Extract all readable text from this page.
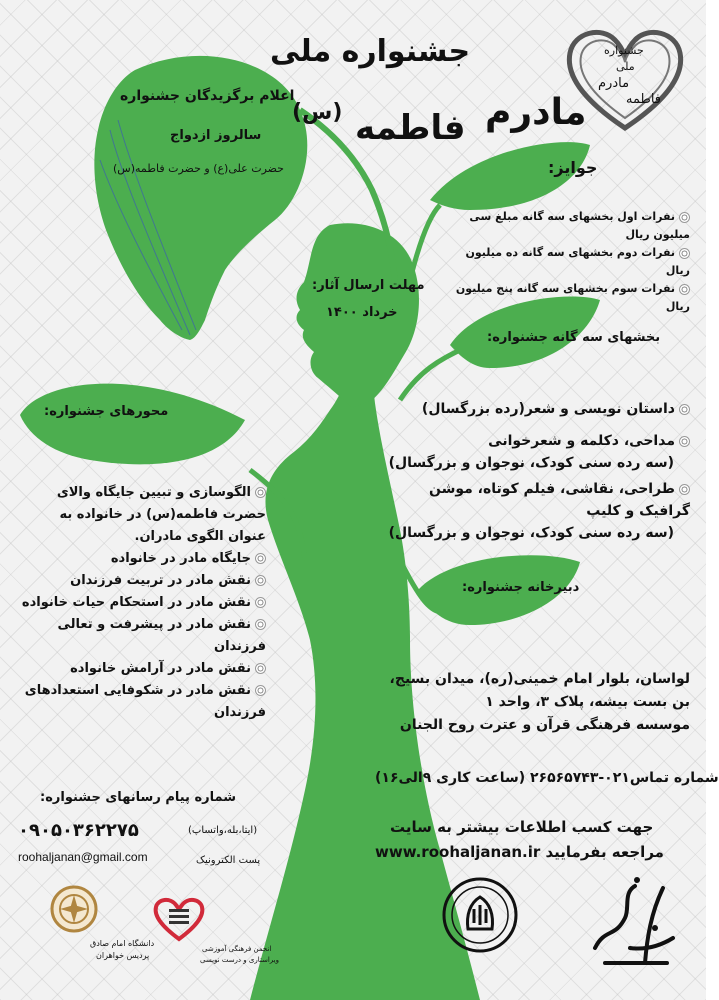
جشنواره ملی
مادرم
فاطمه
(س)
جشنواره
ملی
مادرم
فاطمه
اعلام برگزیدگان جشنواره
سالروز ازدواج
حضرت علی(ع) و حضرت فاطمه(س)	جوایز:
نفرات اول بخشهای سه گانه مبلغ سی میلیون ریال
نفرات دوم بخشهای سه گانه ده میلیون ریال
نفرات سوم بخشهای سه گانه پنج میلیون ریال
مهلت ارسال آثار:
خرداد ۱۴۰۰
بخشهای سه گانه جشنواره:
داستان نویسی و شعر(رده بزرگسال)
مداحی، دکلمه و شعرخوانی
(سه رده سنی کودک، نوجوان و بزرگسال)
طراحی، نقاشی، فیلم کوتاه، موشن گرافیک و کلیپ
(سه رده سنی کودک، نوجوان و بزرگسال)
محورهای جشنواره:
الگوسازی و تبیین جایگاه والای
حضرت فاطمه(س) در خانواده به
عنوان الگوی مادران.
جایگاه مادر در خانواده
نقش مادر در تربیت فرزندان
نقش مادر در استحکام حیات خانواده
نقش مادر در پیشرفت و تعالی فرزندان
نقش مادر در آرامش خانواده
نقش مادر در شکوفایی استعدادهای
فرزندان
دبیرخانه جشنواره:
لواسان، بلوار امام خمینی(ره)، میدان بسیج،
بن بست بیشه، پلاک ۳، واحد ۱
موسسه فرهنگی قرآن و عترت روح الجنان
شماره تماس۰۲۱-۲۶۵۶۵۷۴۳ (ساعت کاری ۹الی۱۶)
جهت کسب اطلاعات بیشتر به سایت
www.roohaljanan.ir مراجعه بفرمایید
شماره پیام رسانهای جشنواره:
۰۹۰۵۰۳۶۲۲۷۵	(ایتا،بله،واتساپ)
roohaljanan@gmail.com	پست الکترونیک
دانشگاه امام صادق
پردیس خواهران
انجمن فرهنگی آموزشی
ویراستاری و درست نویسی
